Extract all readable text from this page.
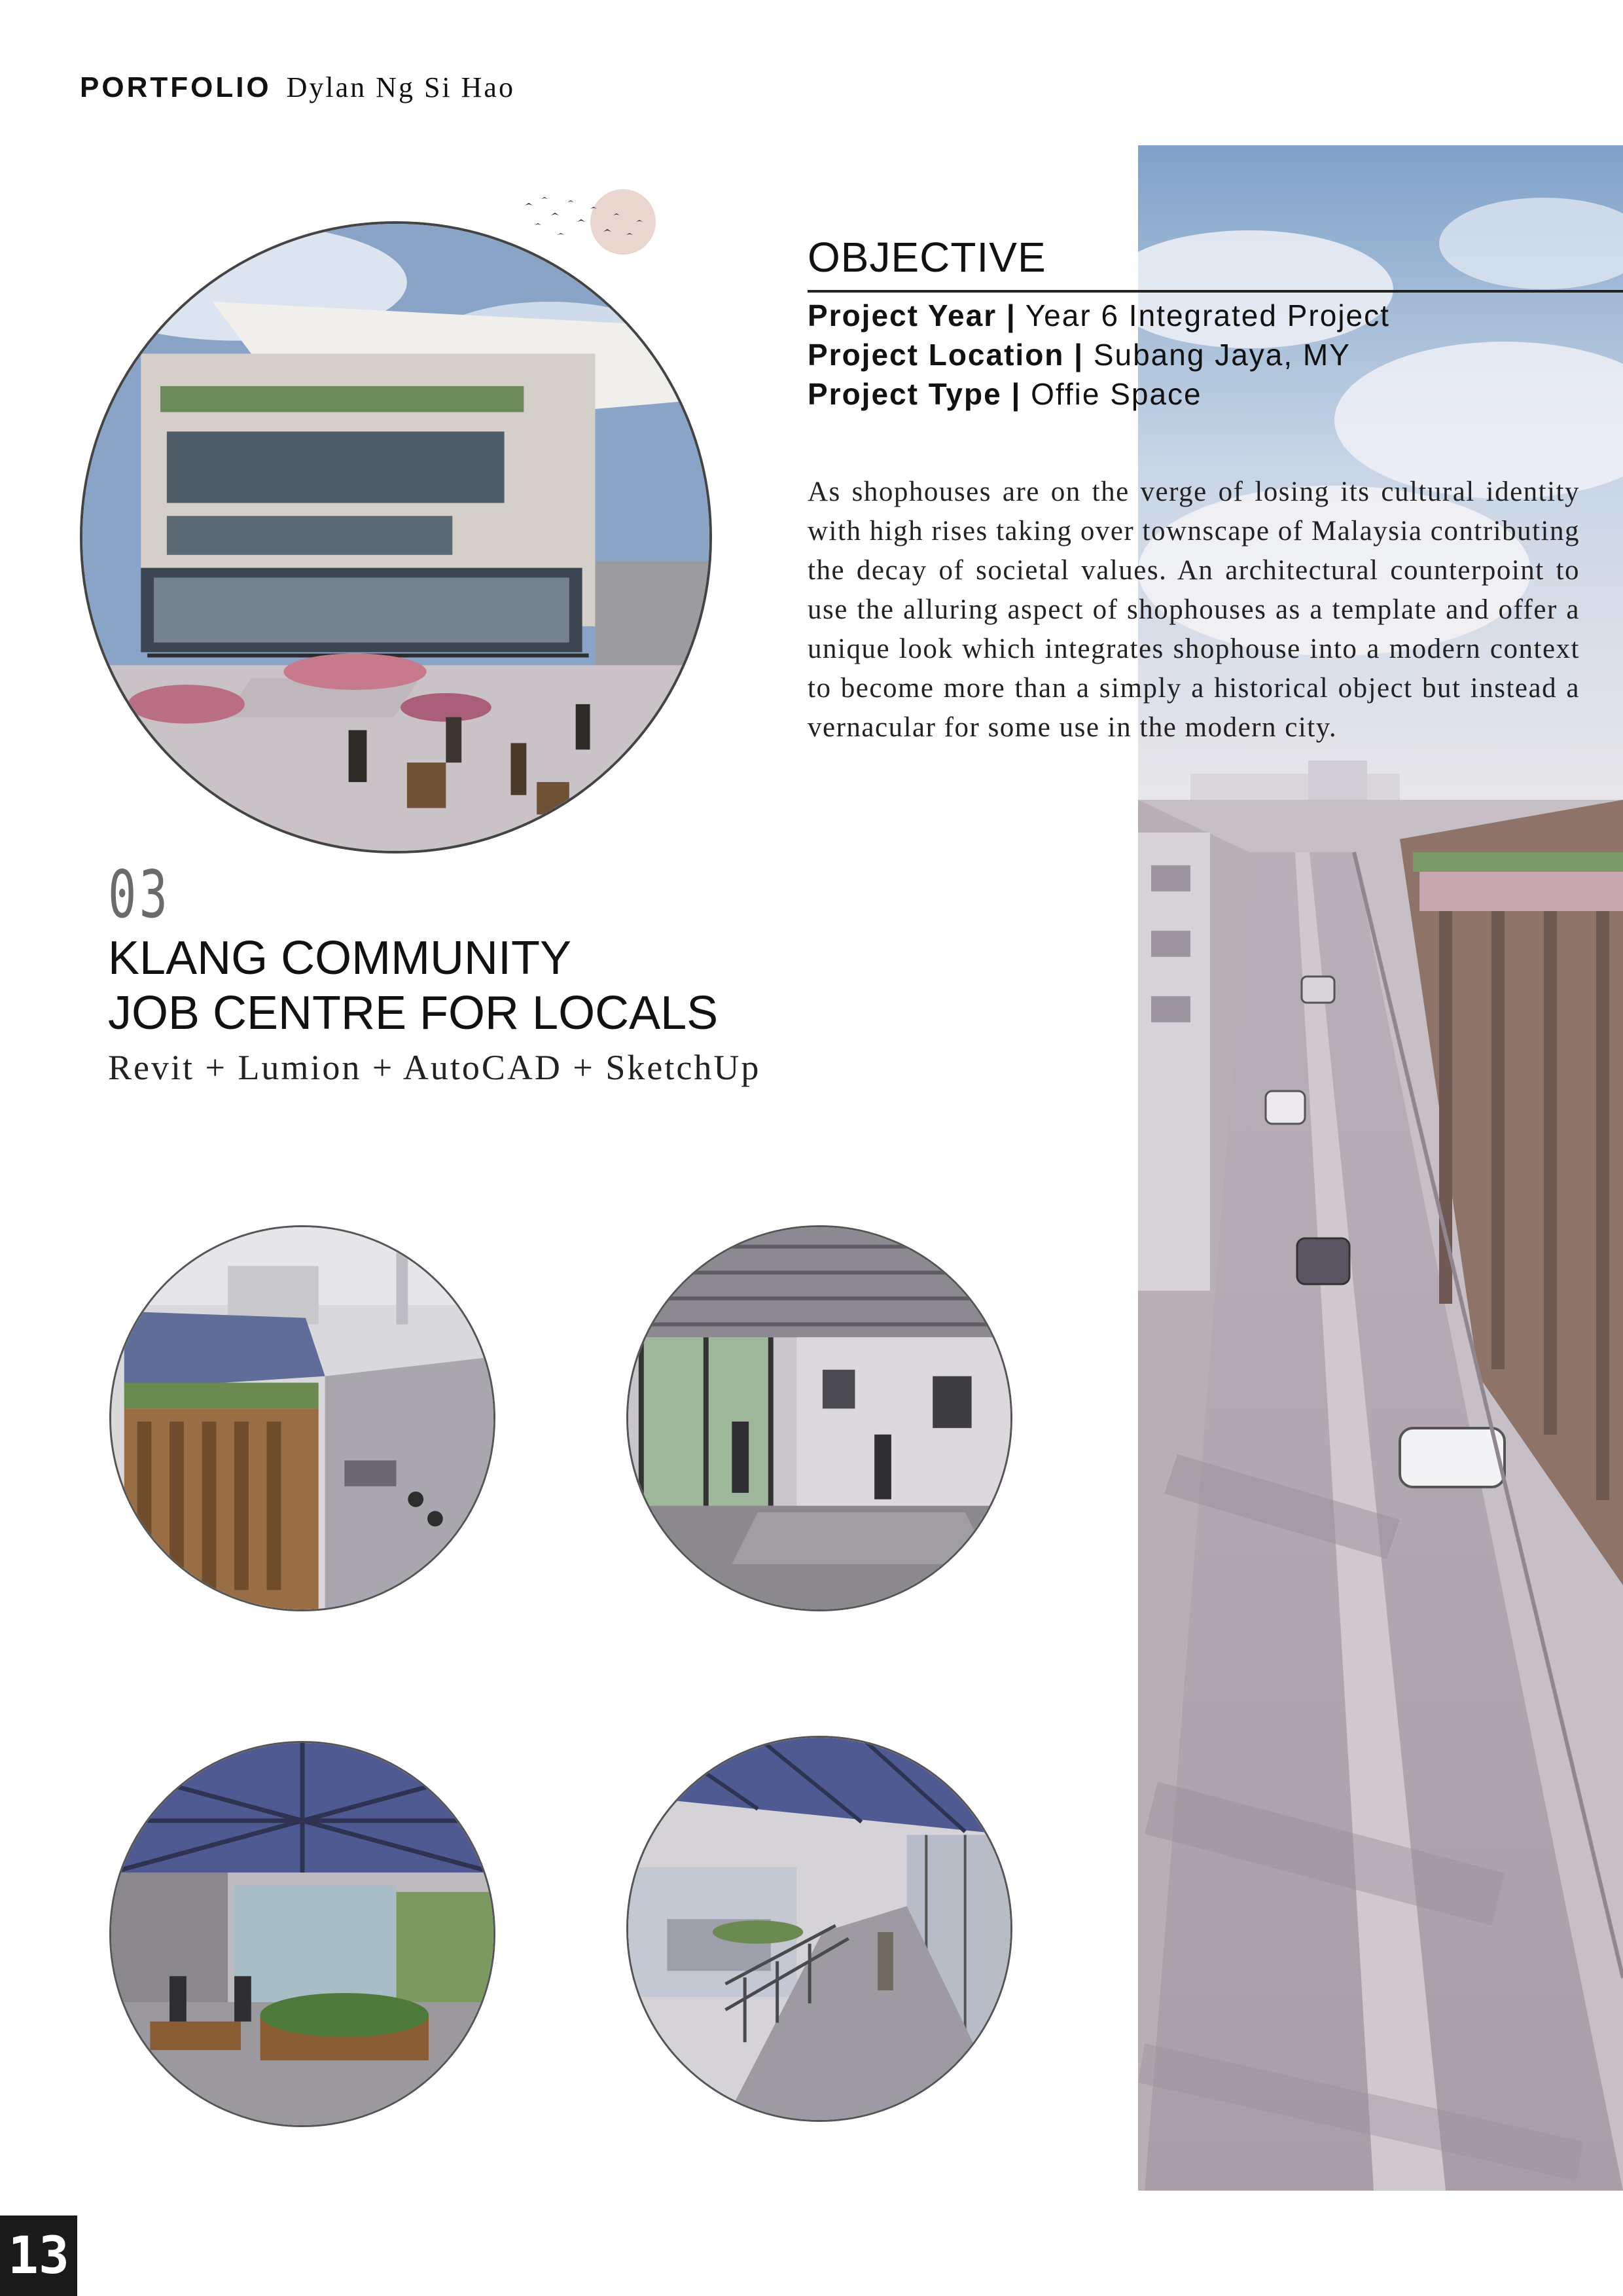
PORTFOLIO Dylan Ng Si Hao
OBJECTIVE
Project Year | Year 6 Integrated Project
Project Location | Subang Jaya, MY
Project Type | Offie Space
As shophouses are on the verge of losing its cultural identity with high rises taking over townscape of Malaysia contributing the decay of societal values. An architectural counterpoint to use the alluring aspect of shophouses as a template and offer a unique look which integrates shophouse into a modern context to become more than a simply a historical object but instead a vernacular for some use in the modern city.
03
KLANG COMMUNITY
JOB CENTRE FOR LOCALS
Revit + Lumion + AutoCAD + SketchUp
13
